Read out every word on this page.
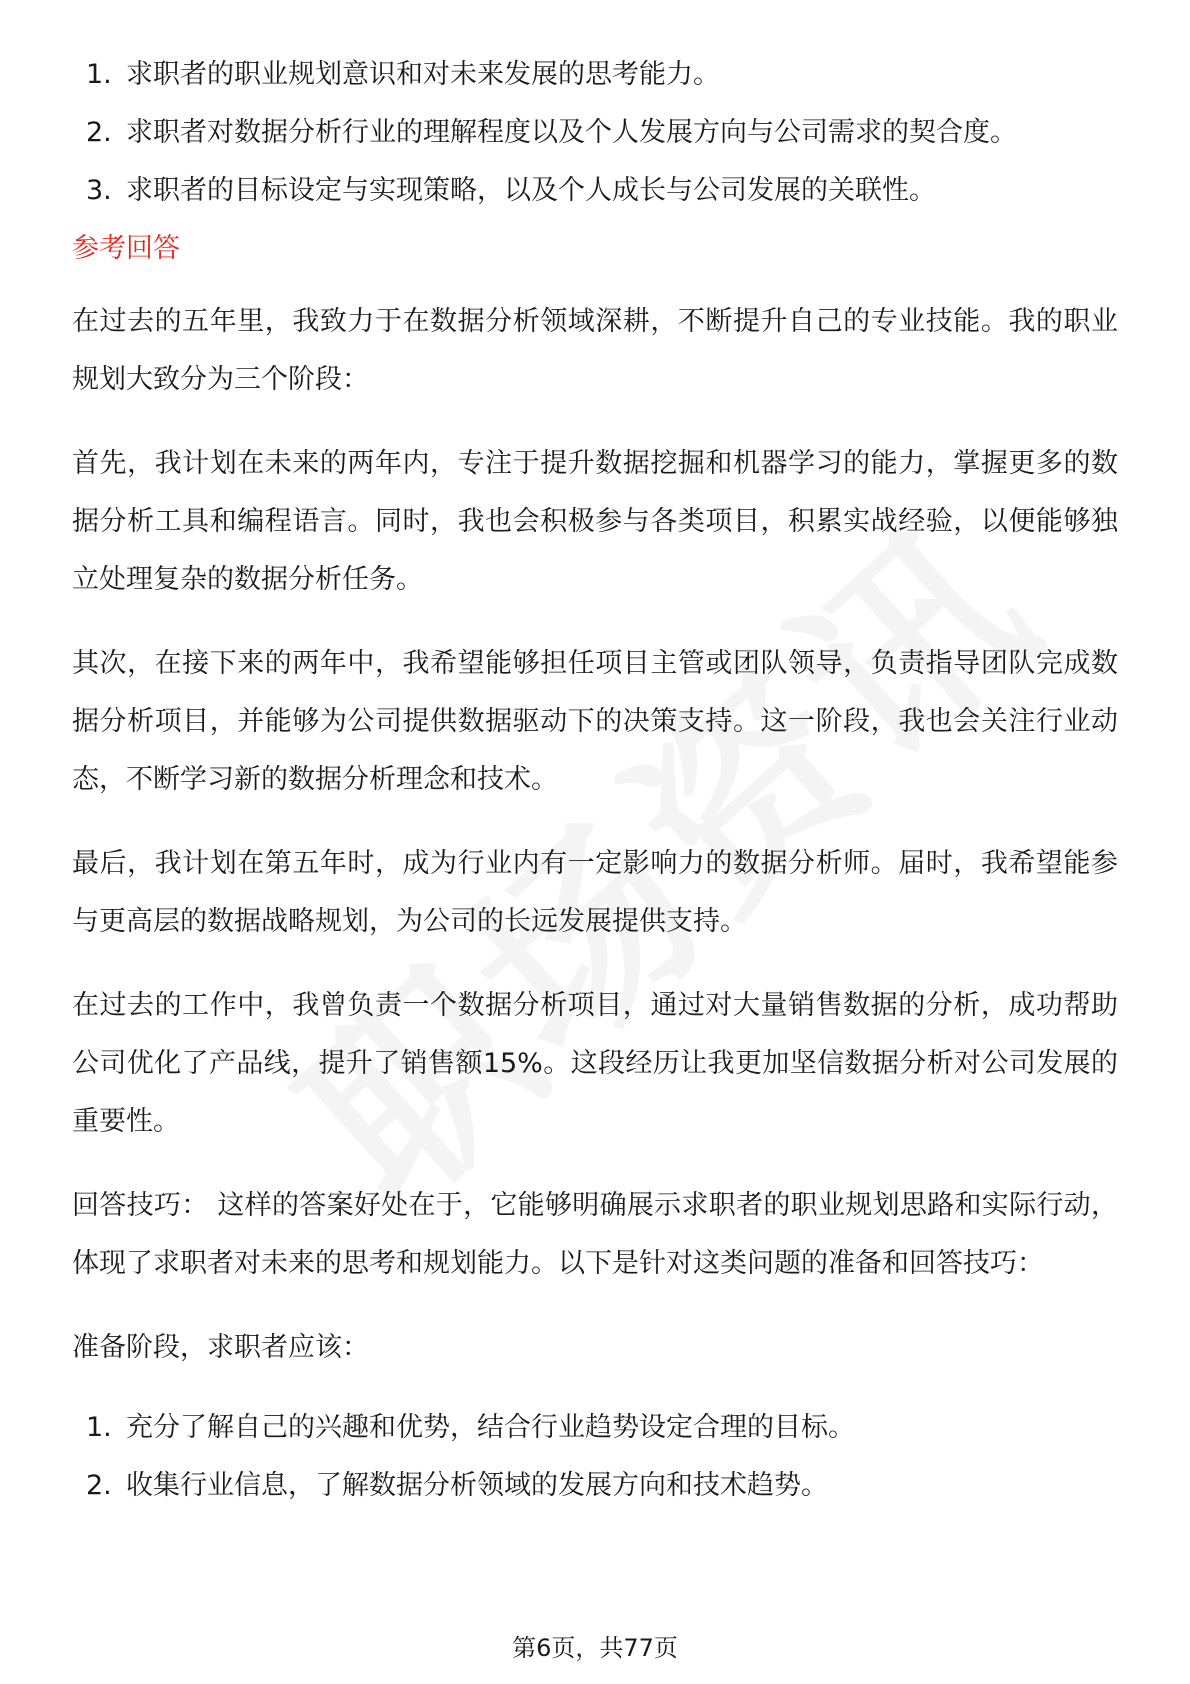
1. 求职者的职业规划意识和对未来发展的思考能力。
2. 求职者对数据分析行业的理解程度以及个人发展方向与公司需求的契合度。
3. 求职者的目标设定与实现策略，以及个人成长与公司发展的关联性。
参考回答

在过去的五年里，我致力于在数据分析领域深耕，不断提升自己的专业技能。我的职业规划大致分为三个阶段：

首先，我计划在未来的两年内，专注于提升数据挖掘和机器学习的能力，掌握更多的数据分析工具和编程语言。同时，我也会积极参与各类项目，积累实战经验，以便能够独立处理复杂的数据分析任务。

其次，在接下来的两年中，我希望能够担任项目主管或团队领导，负责指导团队完成数据分析项目，并能够为公司提供数据驱动下的决策支持。这一阶段，我也会关注行业动态，不断学习新的数据分析理念和技术。

最后，我计划在第五年时，成为行业内有一定影响力的数据分析师。届时，我希望能参与更高层的数据战略规划，为公司的长远发展提供支持。

在过去的工作中，我曾负责一个数据分析项目，通过对大量销售数据的分析，成功帮助公司优化了产品线，提升了销售额15%。这段经历让我更加坚信数据分析对公司发展的重要性。

回答技巧： 这样的答案好处在于，它能够明确展示求职者的职业规划思路和实际行动，体现了求职者对未来的思考和规划能力。以下是针对这类问题的准备和回答技巧：

准备阶段，求职者应该：

1. 充分了解自己的兴趣和优势，结合行业趋势设定合理的目标。
2. 收集行业信息，了解数据分析领域的发展方向和技术趋势。
第6页，共77页
